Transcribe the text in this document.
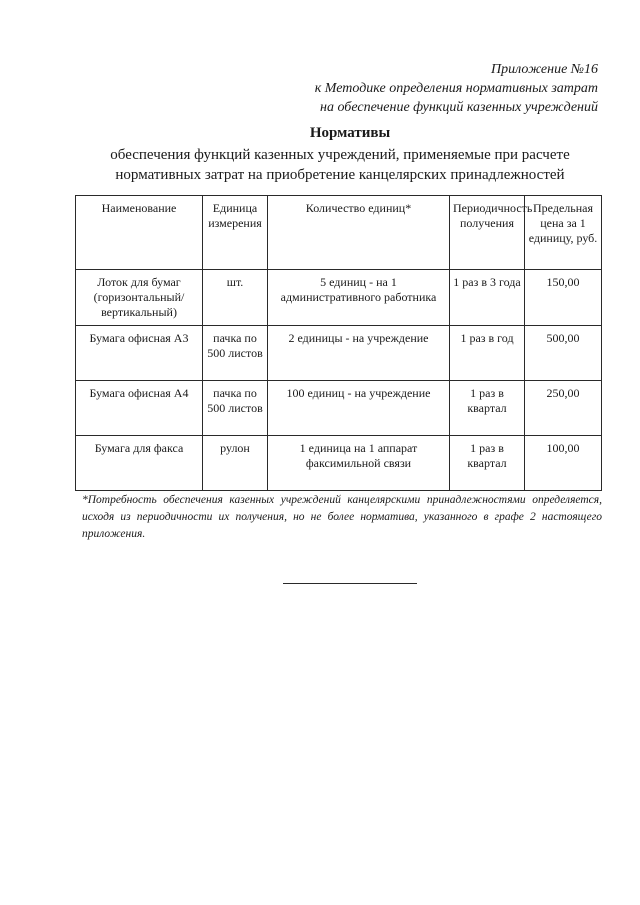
Приложение №16
к Методике определения нормативных затрат
на обеспечение функций казенных учреждений
Нормативы
обеспечения функций казенных учреждений, применяемые при расчете
нормативных затрат на приобретение канцелярских принадлежностей
Наименование	Единица измерения	Количество единиц*	Периодичность получения	Предельная цена за 1 единицу, руб.
Лоток для бумаг (горизонтальный/вертикальный)	шт.	5 единиц - на 1 административного работника	1 раз в 3 года	150,00
Бумага офисная А3	пачка по 500 листов	2 единицы - на учреждение	1 раз в год	500,00
Бумага офисная А4	пачка по 500 листов	100 единиц - на учреждение	1 раз в квартал	250,00
Бумага для факса	рулон	1 единица на 1 аппарат факсимильной связи	1 раз в квартал	100,00
*Потребность обеспечения казенных учреждений канцелярскими принадлежностями определяется, исходя из периодичности их получения, но не более норматива, указанного в графе 2 настоящего приложения.
